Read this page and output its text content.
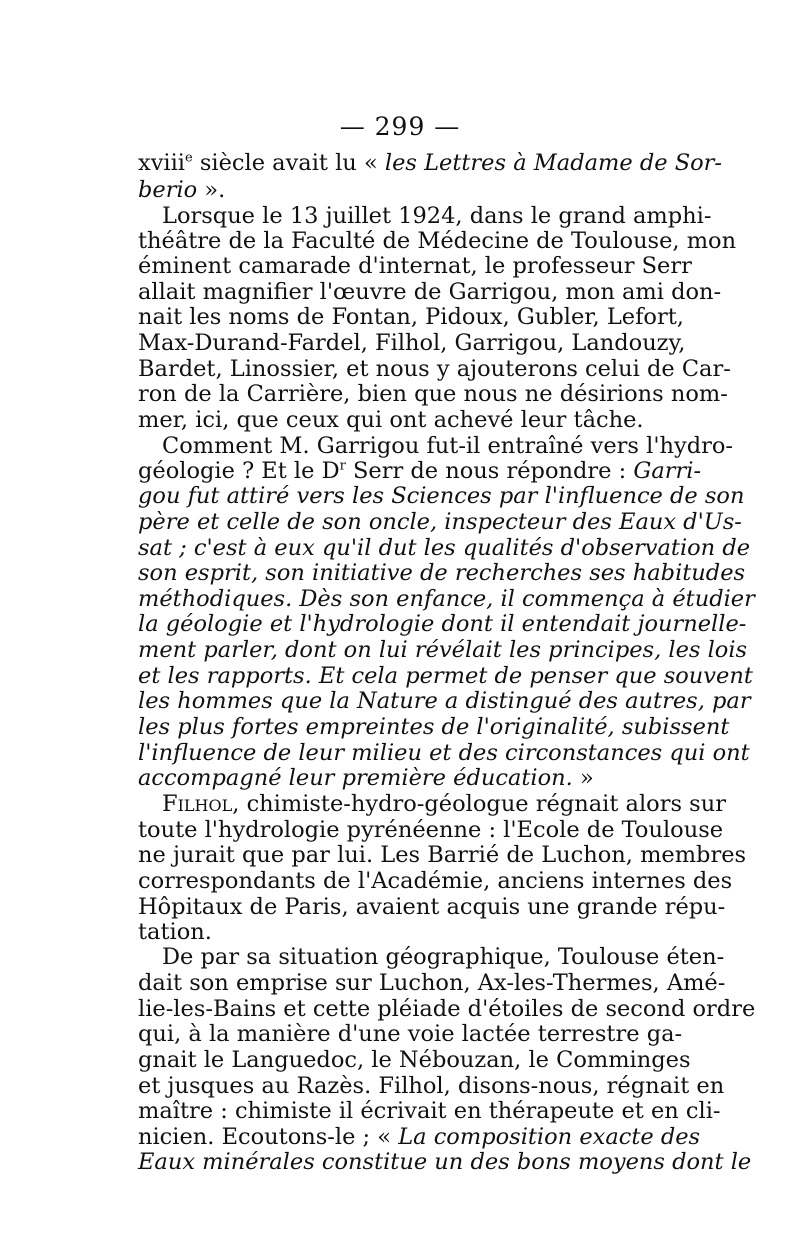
— 299 —
xviii$^e$ siècle avait lu « les Lettres à Madame de Sor-
berio ».
Lorsque le 13 juillet 1924, dans le grand amphi-
théâtre de la Faculté de Médecine de Toulouse, mon
éminent camarade d'internat, le professeur Serr
allait magnifier l'œuvre de Garrigou, mon ami don-
nait les noms de Fontan, Pidoux, Gubler, Lefort,
Max-Durand-Fardel, Filhol, Garrigou, Landouzy,
Bardet, Linossier, et nous y ajouterons celui de Car-
ron de la Carrière, bien que nous ne désirions nom-
mer, ici, que ceux qui ont achevé leur tâche.
Comment M. Garrigou fut-il entraîné vers l'hydro-
géologie ? Et le $D^r$ Serr de nous répondre : Garri-
gou fut attiré vers les Sciences par l'influence de son
père et celle de son oncle, inspecteur des Eaux d'Us-
sat ; c'est à eux qu'il dut les qualités d'observation de
son esprit, son initiative de recherches ses habitudes
méthodiques. Dès son enfance, il commença à étudier
la géologie et l'hydrologie dont il entendait journelle-
ment parler, dont on lui révélait les principes, les lois
et les rapports. Et cela permet de penser que souvent
les hommes que la Nature a distingué des autres, par
les plus fortes empreintes de l'originalité, subissent
l'influence de leur milieu et des circonstances qui ont
accompagné leur première éducation. »
Filhol, chimiste-hydro-géologue régnait alors sur
toute l'hydrologie pyrénéenne : l'Ecole de Toulouse
ne jurait que par lui. Les Barrié de Luchon, membres
correspondants de l'Académie, anciens internes des
Hôpitaux de Paris, avaient acquis une grande répu-
tation.
De par sa situation géographique, Toulouse éten-
dait son emprise sur Luchon, Ax-les-Thermes, Amé-
lie-les-Bains et cette pléiade d'étoiles de second ordre
qui, à la manière d'une voie lactée terrestre ga-
gnait le Languedoc, le Nébouzan, le Comminges
et jusques au Razès. Filhol, disons-nous, régnait en
maître : chimiste il écrivait en thérapeute et en cli-
nicien. Ecoutons-le ; « La composition exacte des
Eaux minérales constitue un des bons moyens dont le
